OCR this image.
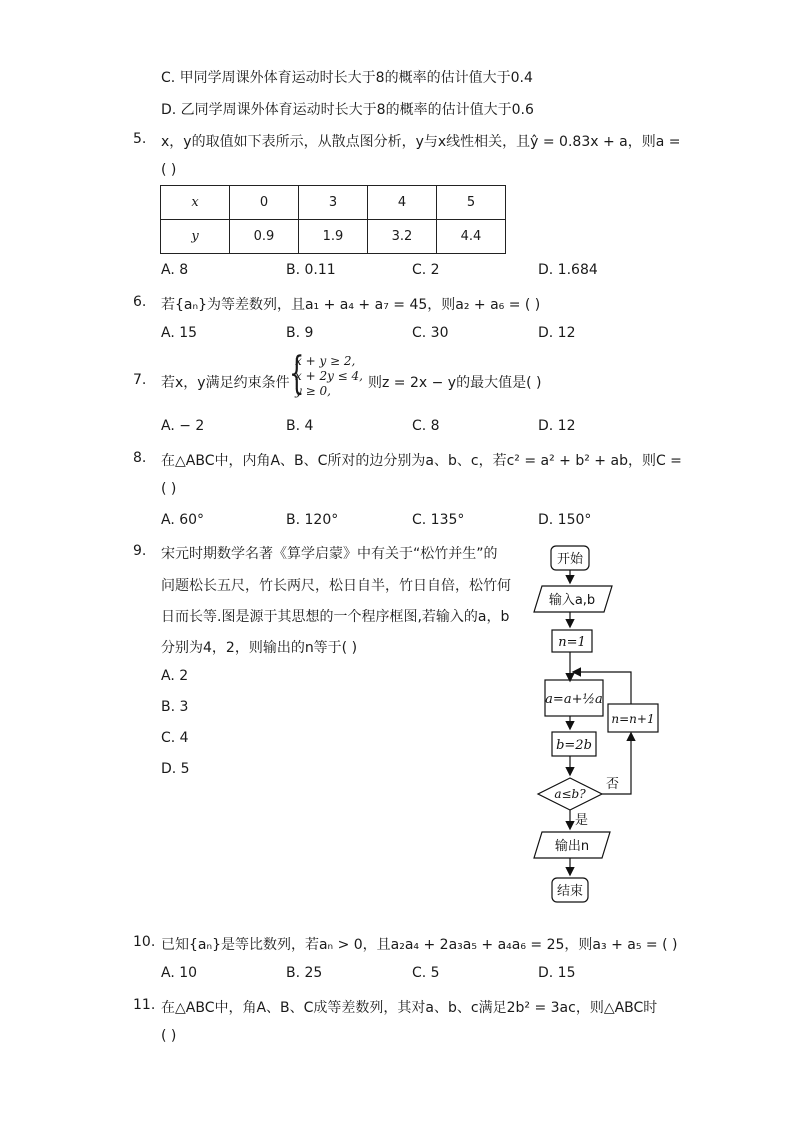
C. 甲同学周课外体育运动时长大于8的概率的估计值大于0.4
D. 乙同学周课外体育运动时长大于8的概率的估计值大于0.6
5. x，y的取值如下表所示，从散点图分析，y与x线性相关，且ŷ = 0.83x + a，则a =
( )
x	0	3	4	5
y	0.9	1.9	3.2	4.4
A. 8	B. 0.11	C. 2	D. 1.684
6. 若{aₙ}为等差数列，且a₁ + a₄ + a₇ = 45，则a₂ + a₆ = ( )
A. 15	B. 9	C. 30	D. 12
7. 若x，y满足约束条件 {
x + y ≥ 2,
x + 2y ≤ 4,
y ≥ 0,	则z = 2x − y的最大值是( )
A. − 2	B. 4	C. 8	D. 12
8. 在△ABC中，内角A、B、C所对的边分别为a、b、c，若c² = a² + b² + ab，则C =
( )
A. 60°	B. 120°	C. 135°	D. 150°
9. 宋元时期数学名著《算学启蒙》中有关于“松竹并生”的
问题松长五尺，竹长两尺，松日自半，竹日自倍，松竹何
日而长等.图是源于其思想的一个程序框图,若输入的a，b
分别为4，2，则输出的n等于( )
A. 2
B. 3
C. 4
D. 5
开始
输入a,b
n=1
a=a+½a
b=2b
a≤b?
否
是
n=n+1
输出n
结束
10. 已知{aₙ}是等比数列，若aₙ > 0，且a₂a₄ + 2a₃a₅ + a₄a₆ = 25，则a₃ + a₅ = ( )
A. 10	B. 25	C. 5	D. 15
11. 在△ABC中，角A、B、C成等差数列，其对a、b、c满足2b² = 3ac，则△ABC时
( )
